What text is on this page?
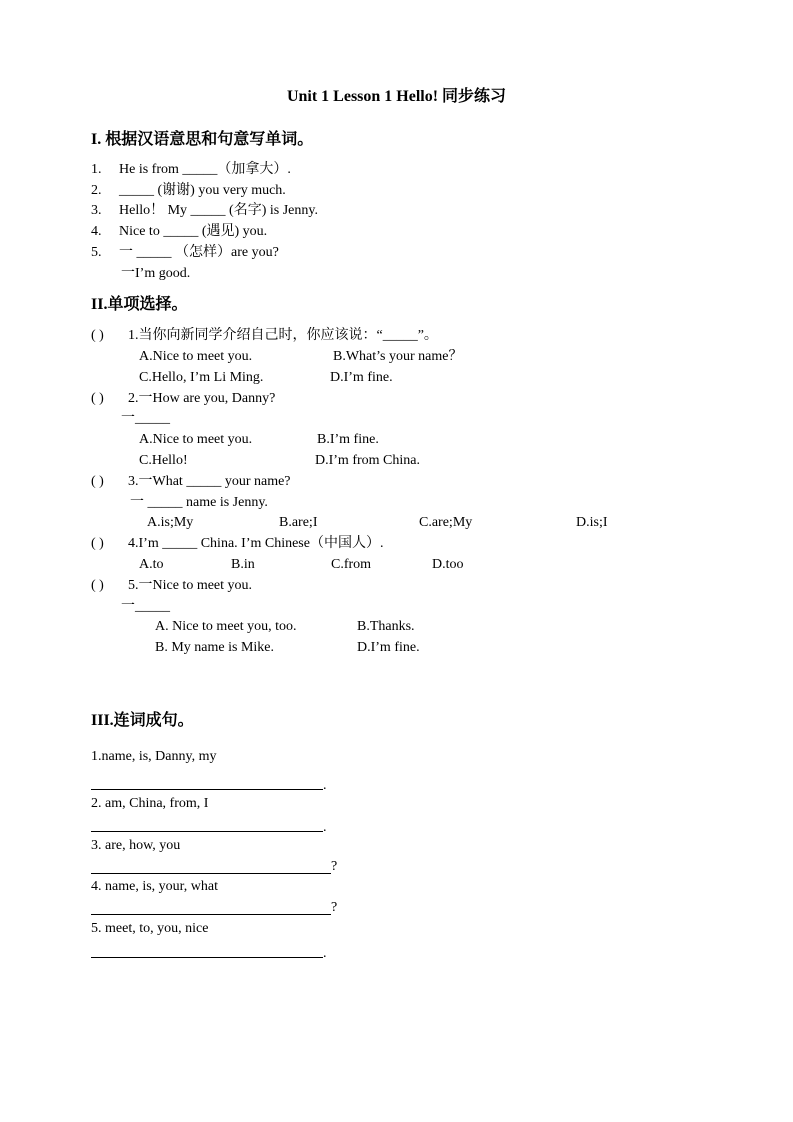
Unit 1 Lesson 1 Hello! 同步练习
I. 根据汉语意思和句意写单词。
1. He is from _____（加拿大）.
2. _____ (谢谢) you very much.
3. Hello！ My _____ (名字) is Jenny.
4. Nice to _____ (遇见) you.
5. 一 _____ （怎样）are you?
一I’m good.
II.单项选择。
( ) 1.当你向新同学介绍自己时，你应该说：“_____”。
A.Nice to meet you.	B.What’s your name？
C.Hello, I’m Li Ming.	D.I’m fine.
( ) 2.一How are you, Danny?
一_____
A.Nice to meet you.	B.I’m fine.
C.Hello!	D.I’m from China.
( ) 3.一What _____ your name?
一 _____ name is Jenny.
A.is;My	B.are;I	C.are;My	D.is;I
( ) 4.I’m _____ China. I’m Chinese（中国人）.
A.to	B.in	C.from	D.too
( ) 5.一Nice to meet you.
一_____
A. Nice to meet you, too.	B.Thanks.
B. My name is Mike.	D.I’m fine.
III.连词成句。
1.name, is, Danny, my
.
2. am, China, from, I
.
3. are, how, you
?
4. name, is, your, what
?
5. meet, to, you, nice
.
